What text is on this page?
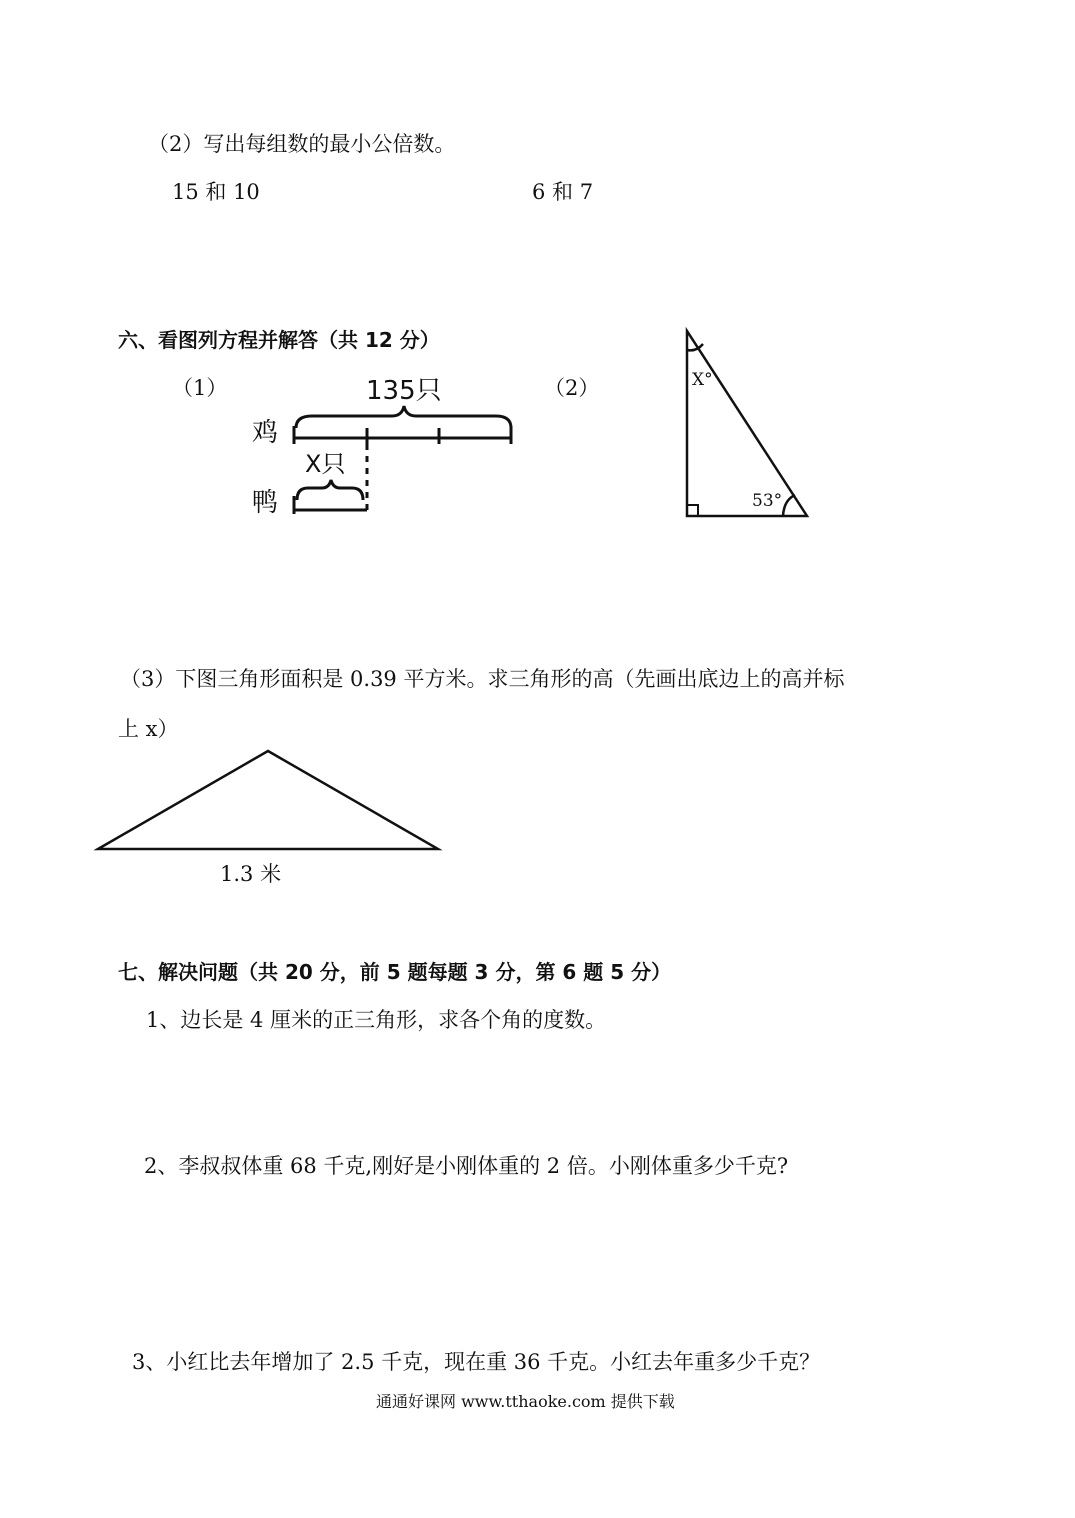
（2）写出每组数的最小公倍数。
15 和 10	6 和 7
六、看图列方程并解答（共 12 分）
（1）	（2）
135只
鸡
X只
鸭
X°
53°
（3）下图三角形面积是 0.39 平方米。求三角形的高（先画出底边上的高并标
上 x）
1.3 米
七、解决问题（共 20 分，前 5 题每题 3 分，第 6 题 5 分）
1、边长是 4 厘米的正三角形，求各个角的度数。
2、李叔叔体重 68 千克,刚好是小刚体重的 2 倍。小刚体重多少千克?
3、小红比去年增加了 2.5 千克，现在重 36 千克。小红去年重多少千克？
通通好课网 www.tthaoke.com 提供下载
